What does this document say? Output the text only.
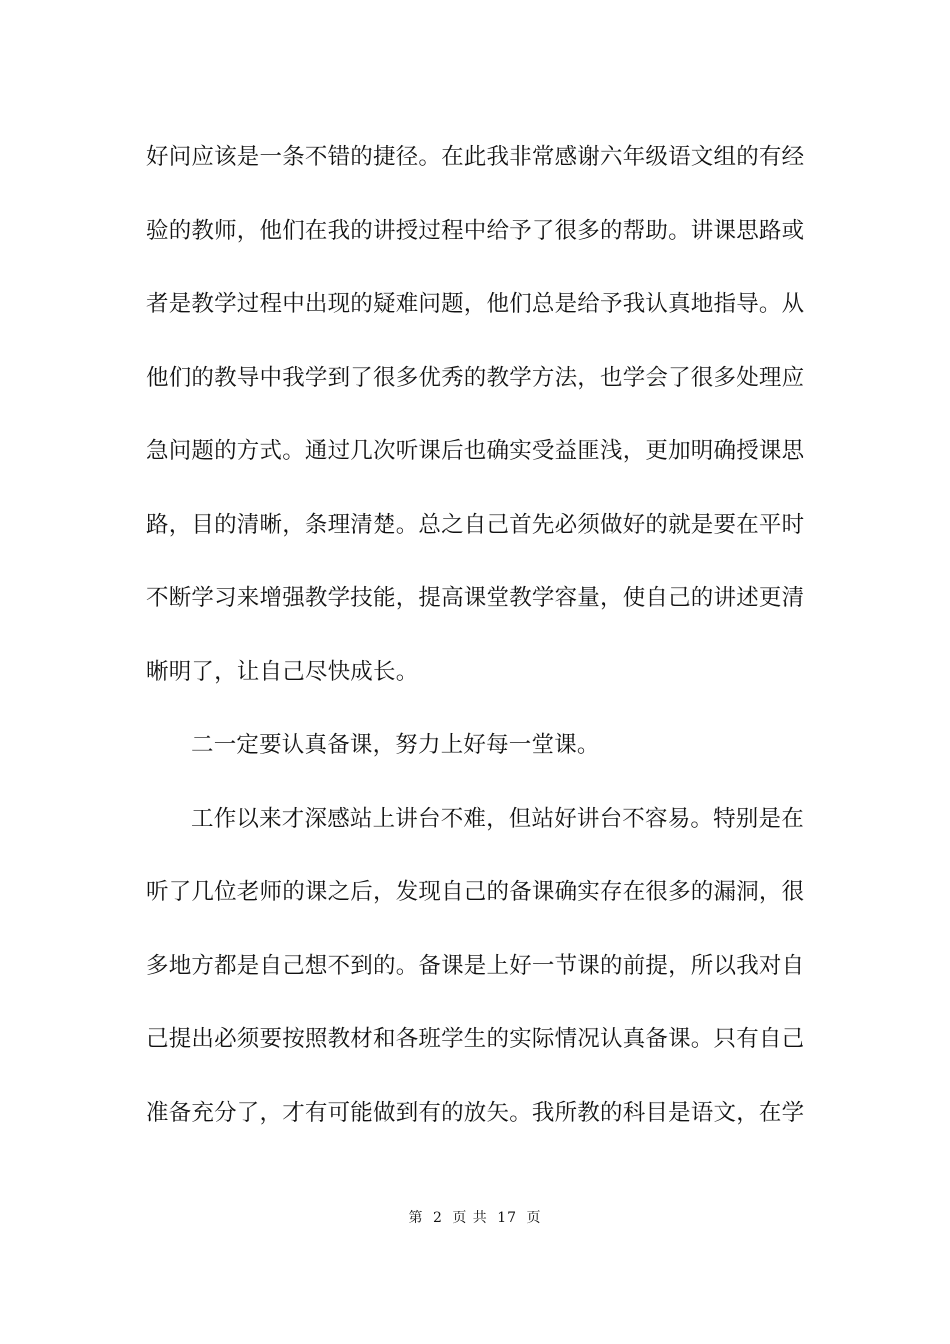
好问应该是一条不错的捷径。在此我非常感谢六年级语文组的有经
验的教师，他们在我的讲授过程中给予了很多的帮助。讲课思路或
者是教学过程中出现的疑难问题，他们总是给予我认真地指导。从
他们的教导中我学到了很多优秀的教学方法，也学会了很多处理应
急问题的方式。通过几次听课后也确实受益匪浅，更加明确授课思
路，目的清晰，条理清楚。总之自己首先必须做好的就是要在平时
不断学习来增强教学技能，提高课堂教学容量，使自己的讲述更清
晰明了，让自己尽快成长。
二一定要认真备课，努力上好每一堂课。
工作以来才深感站上讲台不难，但站好讲台不容易。特别是在
听了几位老师的课之后，发现自己的备课确实存在很多的漏洞，很
多地方都是自己想不到的。备课是上好一节课的前提，所以我对自
己提出必须要按照教材和各班学生的实际情况认真备课。只有自己
准备充分了，才有可能做到有的放矢。我所教的科目是语文，在学
第 2 页 共 17 页
